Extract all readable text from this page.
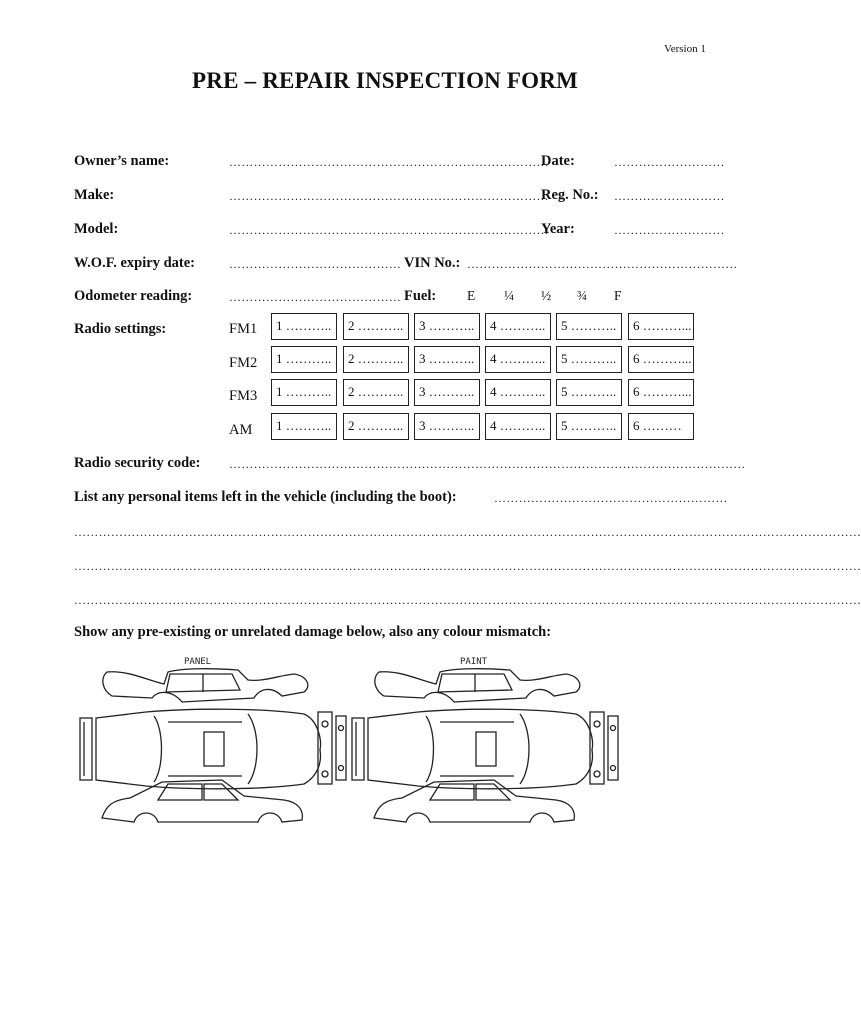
Version 1
PRE – REPAIR INSPECTION FORM
Owner’s name:	……………………………………………………………………
Date:	………………………
Make:	……………………………………………………………………
Reg. No.: ………………………
Model:	……………………………………………………………………
Year:	………………………
W.O.F. expiry date:	…………………………………… VIN No.: …………………………………………………………
Odometer reading:	…………………………………… Fuel: E ¼ ½ ¾ F
Radio settings:	FM1	1 ………..	2 ………..	3 ………..	4 ………..	5 ………..	6 ………...
FM2	1 ………..	2 ………..	3 ………..	4 ………..	5 ………..	6 ………...
FM3	1 ………..	2 ………..	3 ………..	4 ………..	5 ………..	6 ………...
AM	1 ………..	2 ………..	3 ………..	4 ………..	5 ………..	6 ………
Radio security code: ………………………………………………………………………………………………………………
List any personal items left in the vehicle (including the boot):	…………………………………………………
…………………………………………………………………………………………………………………………………………………………………………
…………………………………………………………………………………………………………………………………………………………………………
…………………………………………………………………………………………………………………………………………………………………………
Show any pre-existing or unrelated damage below, also any colour mismatch:
PANEL	PAINT
